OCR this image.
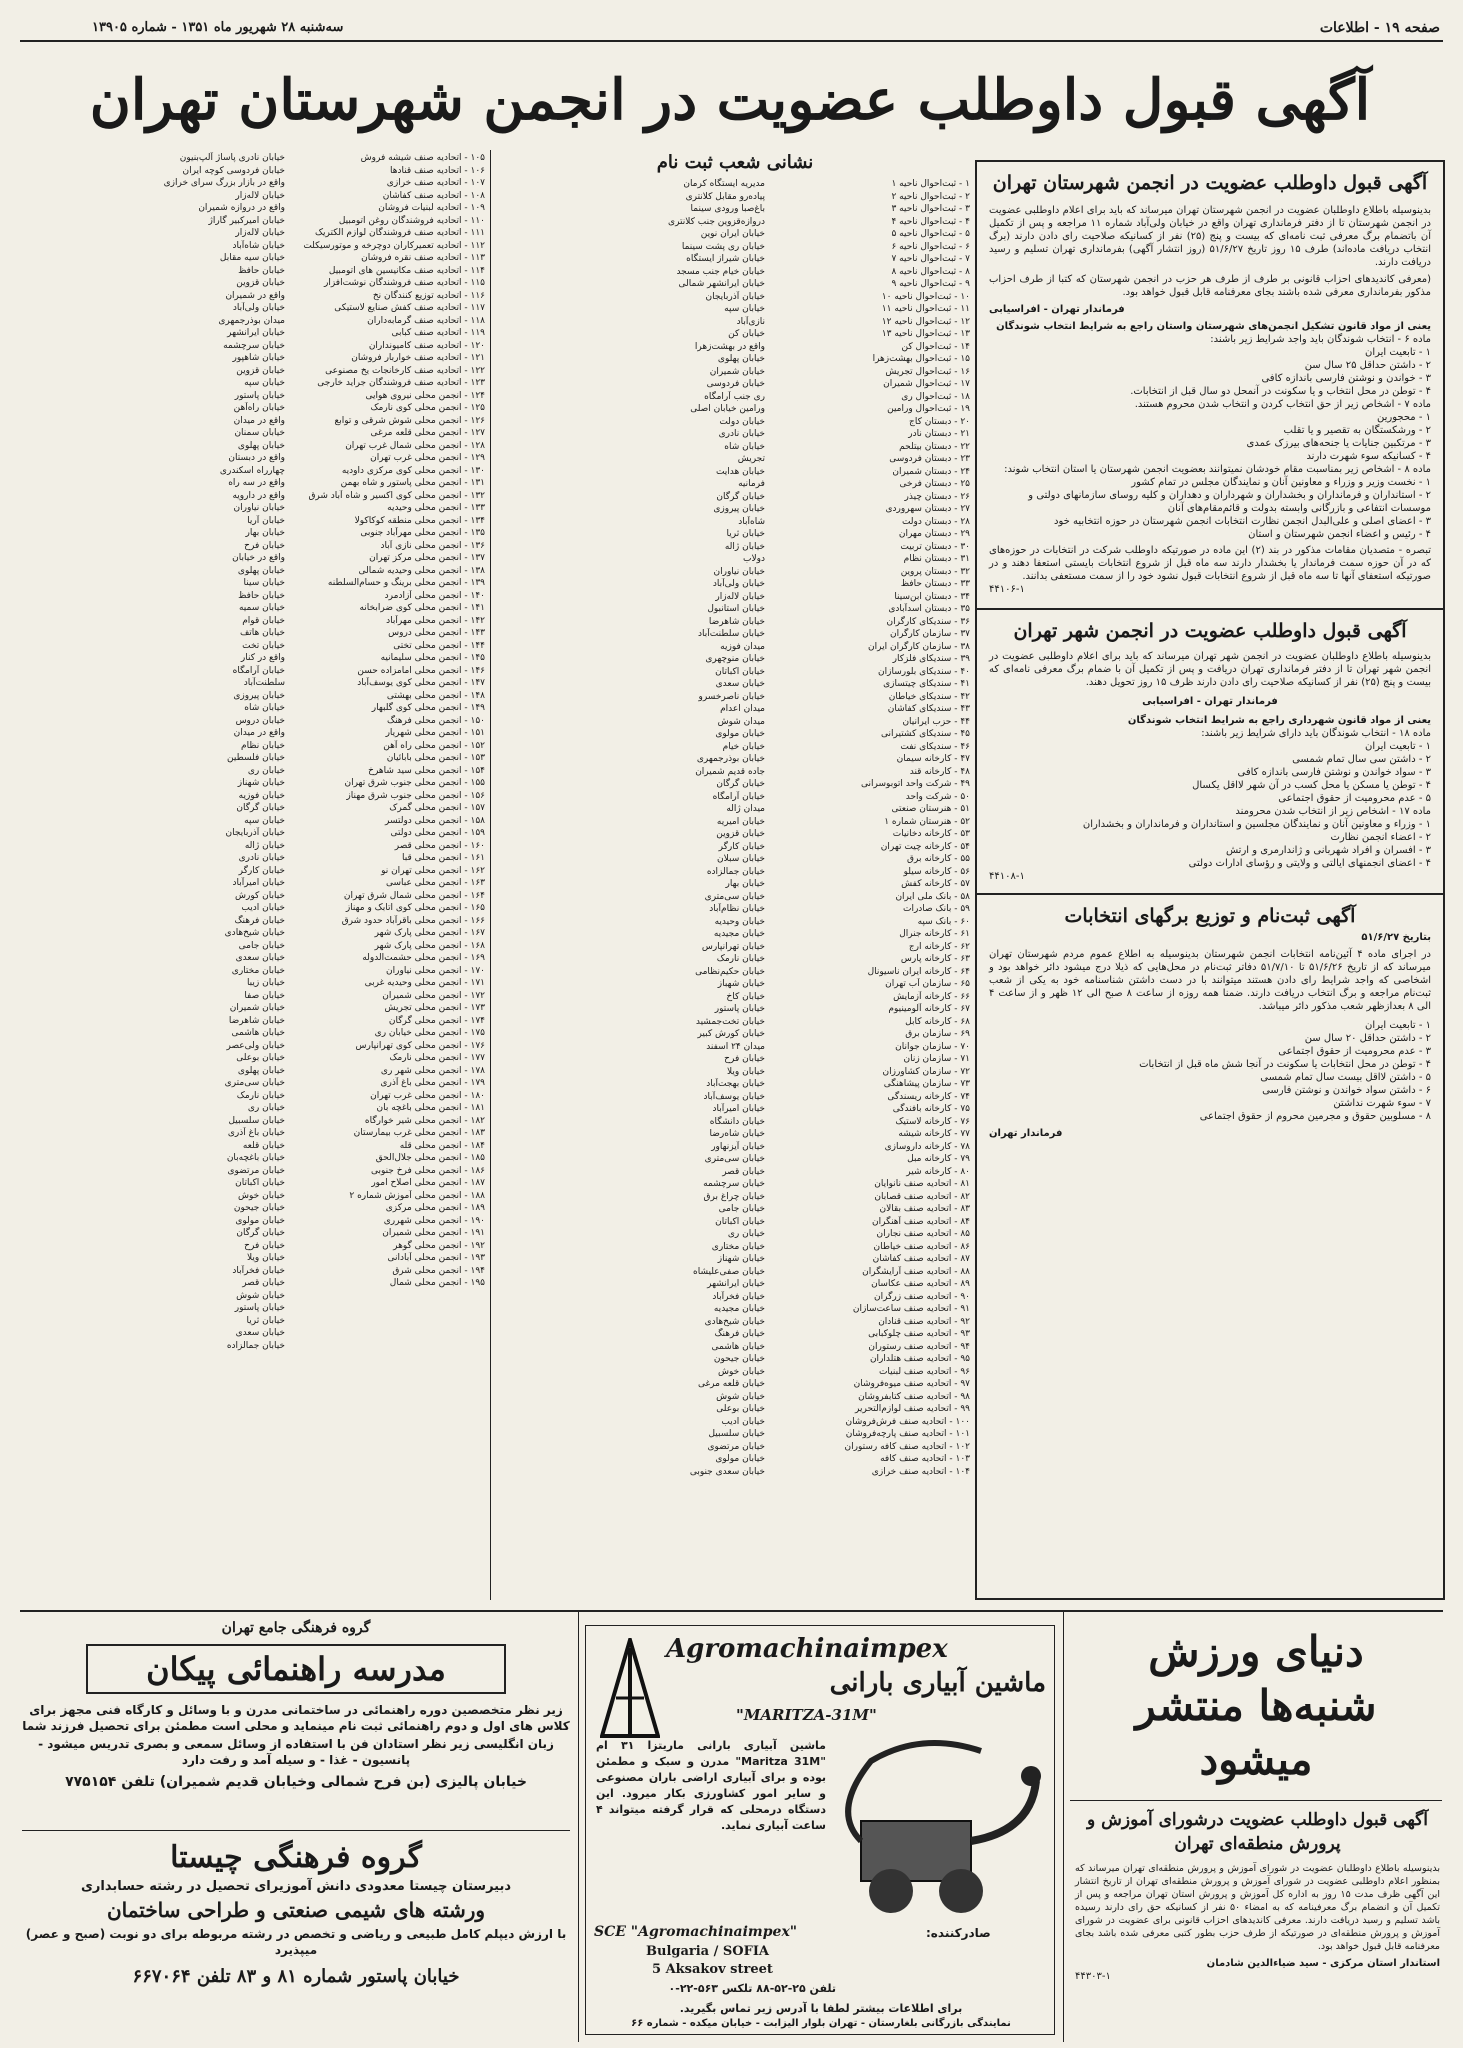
سه‌شنبه ۲۸ شهریور ماه ۱۳۵۱ - شماره ۱۳۹۰۵	صفحه ۱۹ - اطلاعات
آگهی قبول داوطلب عضویت در انجمن شهرستان تهران
آگهی قبول داوطلب عضویت در انجمن شهرستان تهران
بدینوسیله باطلاع داوطلبان عضویت در انجمن شهرستان تهران میرساند که باید برای اعلام داوطلبی عضویت در انجمن شهرستان تا از دفتر فرمانداری تهران واقع در خیابان ولی‌آباد شماره ۱۱ مراجعه و پس از تکمیل آن باتضمام برگ معرفی ثبت نامه‌ای که بیست و پنج (۲۵) نفر از کسانیکه صلاحیت رای دادن دارند (برگ انتخاب دریافت ماده‌اند) طرف ۱۵ روز تاریخ ۵۱/۶/۲۷ (روز انتشار آگهی) بفرمانداری تهران تسلیم و رسید دریافت دارند.
(معرفی کاندیدهای احزاب قانونی بر طرف از طرف هر حزب در انجمن شهرستان که کتبا از طرف احزاب مذکور بفرمانداری معرفی شده باشند بجای معرفنامه قابل قبول خواهد بود.
فرماندار تهران - افراسیابی
یعنی از مواد قانون تشکیل انجمن‌های شهرستان واستان راجع به شرایط انتخاب شوندگان
ماده ۶ - انتخاب شوندگان باید واجد شرایط زیر باشند:
۱ - تابعیت ایران
۲ - داشتن حداقل ۲۵ سال سن
۳ - خواندن و نوشتن فارسی باندازه کافی
۴ - توطن در محل انتخاب و یا سکونت در آنمحل دو سال قبل از انتخابات.
ماده ۷ - اشخاص زیر از حق انتخاب کردن و انتخاب شدن محروم هستند.
۱ - محجورین
۲ - ورشکستگان به تقصیر و یا تقلب
۳ - مرتکبین جنایات یا جنحه‌های بیرزک عمدی
۴ - کسانیکه سوء شهرت دارند
ماده ۸ - اشخاص زیر بمناسبت مقام خودشان نمیتوانند بعضویت انجمن شهرستان یا استان انتخاب شوند:
۱ - نخست وزیر و وزراء و معاونین آنان و نمایندگان مجلس در تمام کشور
۲ - استانداران و فرمانداران و بخشداران و شهرداران و دهداران و کلیه روسای سازمانهای دولتی و موسسات انتفاعی و بازرگانی وابسته بدولت و قائم‌مقام‌های آنان
۳ - اعضای اصلی و علی‌البدل انجمن نظارت انتخابات انجمن شهرستان در حوزه انتخابیه خود
۴ - رئیس و اعضاء انجمن شهرستان و استان
تبصره - متصدیان مقامات مذکور در بند (۲) این ماده در صورتیکه داوطلب شرکت در انتخابات در حوزه‌های که در آن حوزه سمت فرماندار یا بخشدار دارند سه ماه قبل از شروع انتخابات بایستی استعفا دهند و در صورتیکه استعفای آنها تا سه ماه قبل از شروع انتخابات قبول نشود خود را از سمت مستعفی بدانند.
۴۴۱۰۶-۱
آگهی قبول داوطلب عضویت در انجمن شهر تهران
بدینوسیله باطلاع داوطلبان عضویت در انجمن شهر تهران میرساند که باید برای اعلام داوطلبی عضویت در انجمن شهر تهران تا از دفتر فرمانداری تهران دریافت و پس از تکمیل آن با ضمام برگ معرفی نامه‌ای که بیست و پنج (۲۵) نفر از کسانیکه صلاحیت رای دادن دارند ظرف ۱۵ روز تحویل دهند.
فرماندار تهران - افراسیابی
یعنی از مواد قانون شهرداری راجع به شرایط انتخاب شوندگان
ماده ۱۸ - انتخاب شوندگان باید دارای شرایط زیر باشند:
۱ - تابعیت ایران
۲ - داشتن سی سال تمام شمسی
۳ - سواد خواندن و نوشتن فارسی باندازه کافی
۴ - توطن یا مسکن یا محل کسب در آن شهر لااقل یکسال
۵ - عدم محرومیت از حقوق اجتماعی
ماده ۱۷ - اشخاص زیر از انتخاب شدن محرومند
۱ - وزراء و معاونین آنان و نمایندگان مجلسین و استانداران و فرمانداران و بخشداران
۲ - اعضاء انجمن نظارت
۳ - افسران و افراد شهربانی و ژاندارمری و ارتش
۴ - اعضای انجمنهای ایالتی و ولایتی و رؤسای ادارات دولتی
۴۴۱۰۸-۱
آگهی ثبت‌نام و توزیع برگهای انتخابات
بتاریخ ۵۱/۶/۲۷
در اجرای ماده ۴ آئین‌نامه انتخابات انجمن شهرستان بدینوسیله به اطلاع عموم مردم شهرستان تهران میرساند که از تاریخ ۵۱/۶/۲۶ تا ۵۱/۷/۱۰ دفاتر ثبت‌نام در محل‌هایی که ذیلا درج میشود دائر خواهد بود و اشخاصی که واجد شرایط رای دادن هستند میتوانند با در دست داشتن شناسنامه خود به یکی از شعب ثبت‌نام مراجعه و برگ انتخاب دریافت دارند. ضمنا همه روزه از ساعت ۸ صبح الی ۱۲ ظهر و از ساعت ۴ الی ۸ بعدازظهر شعب مذکور دائر میباشد.
۱ - تابعیت ایران
۲ - داشتن حداقل ۲۰ سال سن
۳ - عدم محرومیت از حقوق اجتماعی
۴ - توطن در محل انتخابات یا سکونت در آنجا شش ماه قبل از انتخابات
۵ - داشتن لااقل بیست سال تمام شمسی
۶ - داشتن سواد خواندن و نوشتن فارسی
۷ - سوء شهرت نداشتن
۸ - مسلوبین حقوق و مجرمین محروم از حقوق اجتماعی
فرماندار تهران
نشانی شعب ثبت نام
۱ - ثبت‌احوال ناحیه ۱
۲ - ثبت‌احوال ناحیه ۲
۳ - ثبت‌احوال ناحیه ۳
۴ - ثبت‌احوال ناحیه ۴
۵ - ثبت‌احوال ناحیه ۵
۶ - ثبت‌احوال ناحیه ۶
۷ - ثبت‌احوال ناحیه ۷
۸ - ثبت‌احوال ناحیه ۸
۹ - ثبت‌احوال ناحیه ۹
۱۰ - ثبت‌احوال ناحیه ۱۰
۱۱ - ثبت‌احوال ناحیه ۱۱
۱۲ - ثبت‌احوال ناحیه ۱۲
۱۳ - ثبت‌احوال ناحیه ۱۳
۱۴ - ثبت‌احوال کن
۱۵ - ثبت‌احوال بهشت‌زهرا
۱۶ - ثبت‌احوال تجریش
۱۷ - ثبت‌احوال شمیران
۱۸ - ثبت‌احوال ری
۱۹ - ثبت‌احوال ورامین
۲۰ - دبستان کاج
۲۱ - دبستان نادر
۲۲ - دبستان بیتلحم
۲۳ - دبستان فردوسی
۲۴ - دبستان شمیران
۲۵ - دبستان فرخی
۲۶ - دبستان چیذر
۲۷ - دبستان سهروردی
۲۸ - دبستان دولت
۲۹ - دبستان مهران
۳۰ - دبستان تربیت
۳۱ - دبستان نظام
۳۲ - دبستان پروین
۳۳ - دبستان حافظ
۳۴ - دبستان ابن‌سینا
۳۵ - دبستان اسدآبادی
۳۶ - سندیکای کارگران
۳۷ - سازمان کارگران
۳۸ - سازمان کارگران ایران
۳۹ - سندیکای فلزکار
۴۰ - سندیکای بلورسازان
۴۱ - سندیکای چیتسازی
۴۲ - سندیکای خیاطان
۴۳ - سندیکای کفاشان
۴۴ - حزب ایرانیان
۴۵ - سندیکای کشتیرانی
۴۶ - سندیکای نفت
۴۷ - کارخانه سیمان
۴۸ - کارخانه قند
۴۹ - شرکت واحد اتوبوسرانی
۵۰ - شرکت واحد
۵۱ - هنرستان صنعتی
۵۲ - هنرستان شماره ۱
۵۳ - کارخانه دخانیات
۵۴ - کارخانه چیت تهران
۵۵ - کارخانه برق
۵۶ - کارخانه سیلو
۵۷ - کارخانه کفش
۵۸ - بانک ملی ایران
۵۹ - بانک صادرات
۶۰ - بانک سپه
۶۱ - کارخانه جنرال
۶۲ - کارخانه ارج
۶۳ - کارخانه پارس
۶۴ - کارخانه ایران ناسیونال
۶۵ - سازمان آب تهران
۶۶ - کارخانه آزمایش
۶۷ - کارخانه آلومینیوم
۶۸ - کارخانه کابل
۶۹ - سازمان برق
۷۰ - سازمان جوانان
۷۱ - سازمان زنان
۷۲ - سازمان کشاورزان
۷۳ - سازمان پیشاهنگی
۷۴ - کارخانه ریسندگی
۷۵ - کارخانه بافندگی
۷۶ - کارخانه لاستیک
۷۷ - کارخانه شیشه
۷۸ - کارخانه داروسازی
۷۹ - کارخانه مبل
۸۰ - کارخانه شیر
۸۱ - اتحادیه صنف نانوایان
۸۲ - اتحادیه صنف قصابان
۸۳ - اتحادیه صنف بقالان
۸۴ - اتحادیه صنف آهنگران
۸۵ - اتحادیه صنف نجاران
۸۶ - اتحادیه صنف خیاطان
۸۷ - اتحادیه صنف کفاشان
۸۸ - اتحادیه صنف آرایشگران
۸۹ - اتحادیه صنف عکاسان
۹۰ - اتحادیه صنف زرگران
۹۱ - اتحادیه صنف ساعت‌سازان
۹۲ - اتحادیه صنف قنادان
۹۳ - اتحادیه صنف چلوکبابی
۹۴ - اتحادیه صنف رستوران
۹۵ - اتحادیه صنف هتلداران
۹۶ - اتحادیه صنف لبنیات
۹۷ - اتحادیه صنف میوه‌فروشان
۹۸ - اتحادیه صنف کتابفروشان
۹۹ - اتحادیه صنف لوازم‌التحریر
۱۰۰ - اتحادیه صنف فرش‌فروشان
۱۰۱ - اتحادیه صنف پارچه‌فروشان
۱۰۲ - اتحادیه صنف کافه رستوران
۱۰۳ - اتحادیه صنف کافه
۱۰۴ - اتحادیه صنف خرازی
مدیریه ایستگاه کرمان
پیاده‌رو مقابل کلانتری
باغ‌صبا ورودی سینما
دروازه‌قزوین جنب کلانتری
خیابان ایران نوین
خیابان ری پشت سینما
خیابان شیراز ایستگاه
خیابان خیام جنب مسجد
خیابان ایرانشهر شمالی
خیابان آذربایجان
خیابان سپه
نازی‌آباد
خیابان کن
واقع در بهشت‌زهرا
خیابان پهلوی
خیابان شمیران
خیابان فردوسی
ری جنب آرامگاه
ورامین خیابان اصلی
خیابان دولت
خیابان نادری
خیابان شاه
تجریش
خیابان هدایت
فرمانیه
خیابان گرگان
خیابان پیروزی
شاه‌آباد
خیابان ثریا
خیابان ژاله
دولاب
خیابان نیاوران
خیابان ولی‌آباد
خیابان لاله‌زار
خیابان استانبول
خیابان شاهرضا
خیابان سلطنت‌آباد
میدان فوزیه
خیابان منوچهری
خیابان اکباتان
خیابان سعدی
خیابان ناصرخسرو
میدان اعدام
میدان شوش
خیابان مولوی
خیابان خیام
خیابان بوذرجمهری
جاده قدیم شمیران
خیابان گرگان
خیابان آرامگاه
میدان ژاله
خیابان امیریه
خیابان قزوین
خیابان کارگر
خیابان سبلان
خیابان جمالزاده
خیابان بهار
خیابان سی‌متری
خیابان نظام‌آباد
خیابان وحیدیه
خیابان مجیدیه
خیابان تهرانپارس
خیابان نارمک
خیابان حکیم‌نظامی
خیابان شهباز
خیابان کاخ
خیابان پاستور
خیابان تخت‌جمشید
خیابان کورش کبیر
میدان ۲۴ اسفند
خیابان فرح
خیابان ویلا
خیابان بهجت‌آباد
خیابان یوسف‌آباد
خیابان امیرآباد
خیابان دانشگاه
خیابان شاه‌رضا
خیابان آیزنهاور
خیابان سی‌متری
خیابان قصر
خیابان سرچشمه
خیابان چراغ برق
خیابان جامی
خیابان اکباتان
خیابان ری
خیابان مختاری
خیابان شهناز
خیابان صفی‌علیشاه
خیابان ایرانشهر
خیابان فخرآباد
خیابان مجیدیه
خیابان شیخ‌هادی
خیابان فرهنگ
خیابان هاشمی
خیابان جیحون
خیابان خوش
خیابان قلعه مرغی
خیابان شوش
خیابان بوعلی
خیابان ادیب
خیابان سلسبیل
خیابان مرتضوی
خیابان مولوی
خیابان سعدی جنوبی
۱۰۵ - اتحادیه صنف شیشه فروش
۱۰۶ - اتحادیه صنف قنادها
۱۰۷ - اتحادیه صنف خرازی
۱۰۸ - اتحادیه صنف کفاشان
۱۰۹ - اتحادیه لبنیات فروشان
۱۱۰ - اتحادیه فروشندگان روغن اتومبیل
۱۱۱ - اتحادیه صنف فروشندگان لوازم الکتریک
۱۱۲ - اتحادیه تعمیرکاران دوچرخه و موتورسیکلت
۱۱۳ - اتحادیه صنف نقره فروشان
۱۱۴ - اتحادیه صنف مکانیسین های اتومبیل
۱۱۵ - اتحادیه صنف فروشندگان نوشت‌افزار
۱۱۶ - اتحادیه توزیع کنندگان نخ
۱۱۷ - اتحادیه صنف کفش صنایع لاستیکی
۱۱۸ - اتحادیه صنف گرمابه‌داران
۱۱۹ - اتحادیه صنف کبابی
۱۲۰ - اتحادیه صنف کامیونداران
۱۲۱ - اتحادیه صنف خواربار فروشان
۱۲۲ - اتحادیه صنف کارخانجات یخ مصنوعی
۱۲۳ - اتحادیه صنف فروشندگان جراید خارجی
۱۲۴ - انجمن محلی نیروی هوایی
۱۲۵ - انجمن محلی کوی نارمک
۱۲۶ - انجمن محلی شوش شرقی و توابع
۱۲۷ - انجمن محلی قلعه مرغی
۱۲۸ - انجمن محلی شمال غرب تهران
۱۲۹ - انجمن محلی غرب تهران
۱۳۰ - انجمن محلی کوی مرکزی داودیه
۱۳۱ - انجمن محلی پاستور و شاه بهمن
۱۳۲ - انجمن محلی کوی اکسیر و شاه آباد شرق
۱۳۳ - انجمن محلی وحیدیه
۱۳۴ - انجمن محلی منطقه کوکاکولا
۱۳۵ - انجمن محلی مهرآباد جنوبی
۱۳۶ - انجمن محلی نازی آباد
۱۳۷ - انجمن محلی مرکز تهران
۱۳۸ - انجمن محلی وحیدیه شمالی
۱۳۹ - انجمن محلی برینگ و حسام‌السلطنه
۱۴۰ - انجمن محلی آزادمرد
۱۴۱ - انجمن محلی کوی ضرابخانه
۱۴۲ - انجمن محلی مهرآباد
۱۴۳ - انجمن محلی دروس
۱۴۴ - انجمن محلی تختی
۱۴۵ - انجمن محلی سلیمانیه
۱۴۶ - انجمن محلی امامزاده حسن
۱۴۷ - انجمن محلی کوی یوسف‌آباد
۱۴۸ - انجمن محلی بهشتی
۱۴۹ - انجمن محلی کوی گلبهار
۱۵۰ - انجمن محلی فرهنگ
۱۵۱ - انجمن محلی شهریار
۱۵۲ - انجمن محلی راه آهن
۱۵۳ - انجمن محلی بابائیان
۱۵۴ - انجمن محلی سید شاهرخ
۱۵۵ - انجمن محلی جنوب شرق تهران
۱۵۶ - انجمن محلی جنوب شرق مهناز
۱۵۷ - انجمن محلی گمرک
۱۵۸ - انجمن محلی دولتسر
۱۵۹ - انجمن محلی دولتی
۱۶۰ - انجمن محلی قصر
۱۶۱ - انجمن محلی قبا
۱۶۲ - انجمن محلی تهران نو
۱۶۳ - انجمن محلی عباسی
۱۶۴ - انجمن محلی شمال شرق تهران
۱۶۵ - انجمن محلی کوی اتابک و مهناز
۱۶۶ - انجمن محلی باقرآباد حدود شرق
۱۶۷ - انجمن محلی پارک شهر
۱۶۸ - انجمن محلی پارک شهر
۱۶۹ - انجمن محلی حشمت‌الدوله
۱۷۰ - انجمن محلی نیاوران
۱۷۱ - انجمن محلی وحیدیه غربی
۱۷۲ - انجمن محلی شمیران
۱۷۳ - انجمن محلی تجریش
۱۷۴ - انجمن محلی گرگان
۱۷۵ - انجمن محلی خیابان ری
۱۷۶ - انجمن محلی کوی تهرانپارس
۱۷۷ - انجمن محلی نارمک
۱۷۸ - انجمن محلی شهر ری
۱۷۹ - انجمن محلی باغ آذری
۱۸۰ - انجمن محلی غرب تهران
۱۸۱ - انجمن محلی باغچه بان
۱۸۲ - انجمن محلی شیر خوارگاه
۱۸۳ - انجمن محلی غرب بیمارستان
۱۸۴ - انجمن محلی قله
۱۸۵ - انجمن محلی جلال‌الحق
۱۸۶ - انجمن محلی فرخ جنوبی
۱۸۷ - انجمن محلی اصلاح امور
۱۸۸ - انجمن محلی آموزش شماره ۲
۱۸۹ - انجمن محلی مرکزی
۱۹۰ - انجمن محلی شهرری
۱۹۱ - انجمن محلی شمیران
۱۹۲ - انجمن محلی گوهر
۱۹۳ - انجمن محلی آبادانی
۱۹۴ - انجمن محلی شرق
۱۹۵ - انجمن محلی شمال
خیابان نادری پاساژ آلپ‌بنیون
خیابان فردوسی کوچه ایران
واقع در بازار بزرگ سرای خرازی
خیابان لاله‌زار
واقع در دروازه شمیران
خیابان امیرکبیر گاراژ
خیابان لاله‌زار
خیابان شاه‌آباد
خیابان سیه مقابل
خیابان حافظ
خیابان قزوین
واقع در شمیران
خیابان ولی‌آباد
میدان بوذرجمهری
خیابان ایرانشهر
خیابان سرچشمه
خیابان شاهپور
خیابان قزوین
خیابان سپه
خیابان پاستور
خیابان راه‌آهن
واقع در میدان
خیابان سمنان
خیابان پهلوی
واقع در دبستان
چهارراه اسکندری
واقع در سه راه
واقع در دارویه
خیابان نیاوران
خیابان آریا
خیابان بهار
خیابان فرح
واقع در خیابان
خیابان پهلوی
خیابان سینا
خیابان حافظ
خیابان سمیه
خیابان قوام
خیابان هاتف
خیابان تخت
واقع در کنار
خیابان آرامگاه
سلطنت‌آباد
خیابان پیروزی
خیابان شاه
خیابان دروس
واقع در میدان
خیابان نظام
خیابان فلسطین
خیابان ری
خیابان شهناز
خیابان فوزیه
خیابان گرگان
خیابان سپه
خیابان آذربایجان
خیابان ژاله
خیابان نادری
خیابان کارگر
خیابان امیرآباد
خیابان کورش
خیابان ادیب
خیابان فرهنگ
خیابان شیخ‌هادی
خیابان جامی
خیابان سعدی
خیابان مختاری
خیابان زیبا
خیابان صفا
خیابان شمیران
خیابان شاهرضا
خیابان هاشمی
خیابان ولی‌عصر
خیابان بوعلی
خیابان پهلوی
خیابان سی‌متری
خیابان نارمک
خیابان ری
خیابان سلسبیل
خیابان باغ آذری
خیابان قلعه
خیابان باغچه‌بان
خیابان مرتضوی
خیابان اکباتان
خیابان خوش
خیابان جیحون
خیابان مولوی
خیابان گرگان
خیابان فرح
خیابان ویلا
خیابان فخرآباد
خیابان قصر
خیابان شوش
خیابان پاستور
خیابان ثریا
خیابان سعدی
خیابان جمالزاده
گروه فرهنگی جامع تهران
مدرسه راهنمائی پیکان
زیر نظر متخصصین دوره راهنمائی در ساختمانی مدرن و با وسائل و کارگاه فنی مجهز برای کلاس های اول و دوم راهنمائی ثبت نام مینماید و محلی است مطمئن برای تحصیل فرزند شما
زبان انگلیسی زیر نظر استادان فن با استفاده از وسائل سمعی و بصری تدریس میشود - پانسیون - غذا - و سیله آمد و رفت دارد
خیابان پالیزی (بن فرح شمالی وخیابان قدیم شمیران) تلفن ۷۷۵۱۵۴
گروه فرهنگی چیستا
دبیرستان چیستا معدودی دانش آموزیرای تحصیل در رشته حسابداری
ورشته های شیمی صنعتی و طراحی ساختمان
با ارزش دیپلم کامل طبیعی و ریاضی و تخصص در رشته مربوطه برای دو نوبت (صبح و عصر) میپذیرد
خیابان پاستور شماره ۸۱ و ۸۳ تلفن ۶۶۷۰۶۴
Agromachinaimpex
ماشین آبیاری بارانی
"MARITZA-31M"
ماشین آبیاری بارانی ماریتزا ۳۱ ام "Maritza 31M" مدرن و سبک و مطمئن بوده و برای آبیاری اراضی باران مصنوعی و سایر امور کشاورزی بکار میرود. این دستگاه درمحلی که قرار گرفته میتواند ۴ ساعت آبیاری نماید.
صادرکننده:
SCE "Agromachinaimpex"
Bulgaria / SOFIA
5 Aksakov street
تلفن ۲۵-۵۲-۸۸ تلکس ۵۶۳-۲۲-۰
برای اطلاعات بیشتر لطفا با آدرس زیر تماس بگیرید.
نمایندگی بازرگانی بلغارستان - تهران بلوار الیزابت - خیابان میکده - شماره ۶۶
دنیای ورزش
شنبه‌ها منتشر
میشود
آگهی قبول داوطلب عضویت درشورای آموزش و پرورش منطقه‌ای تهران
بدینوسیله باطلاع داوطلبان عضویت در شورای آموزش و پرورش منطقه‌ای تهران میرساند که بمنظور اعلام داوطلبی عضویت در شورای آموزش و پرورش منطقه‌ای تهران از تاریخ انتشار این آگهی ظرف مدت ۱۵ روز به اداره کل آموزش و پرورش استان تهران مراجعه و پس از تکمیل آن و انضمام برگ معرفینامه که به امضاء ۵۰ نفر از کسانیکه حق رای دارند رسیده باشد تسلیم و رسید دریافت دارند. معرفی کاندیدهای احزاب قانونی برای عضویت در شورای آموزش و پرورش منطقه‌ای در صورتیکه از طرف حزب بطور کتبی معرفی شده باشد بجای معرفنامه قابل قبول خواهد بود.
استاندار استان مرکزی - سید ضیاءالدین شادمان
۴۴۳۰۳-۱
